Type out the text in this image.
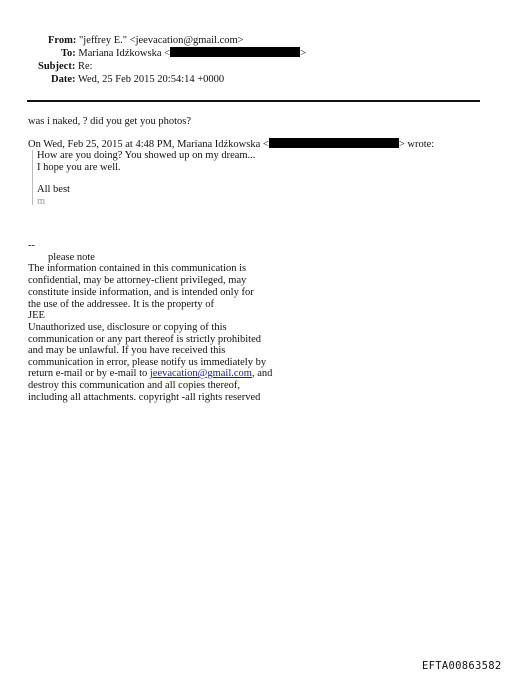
From: "jeffrey E." <jeevacation@gmail.com>
To: Mariana Idźkowska <	>
Subject: Re:
Date: Wed, 25 Feb 2015 20:54:14 +0000
was i naked, ? did you get you photos?
On Wed, Feb 25, 2015 at 4:48 PM, Mariana Idźkowska <	> wrote:
How are you doing? You showed up on my dream...
I hope you are well.
All best
m
--
please note
The information contained in this communication is
confidential, may be attorney-client privileged, may
constitute inside information, and is intended only for
the use of the addressee. It is the property of
JEE
Unauthorized use, disclosure or copying of this
communication or any part thereof is strictly prohibited
and may be unlawful. If you have received this
communication in error, please notify us immediately by
return e-mail or by e-mail to jeevacation@gmail.com, and
destroy this communication and all copies thereof,
including all attachments. copyright -all rights reserved
EFTA00863582
